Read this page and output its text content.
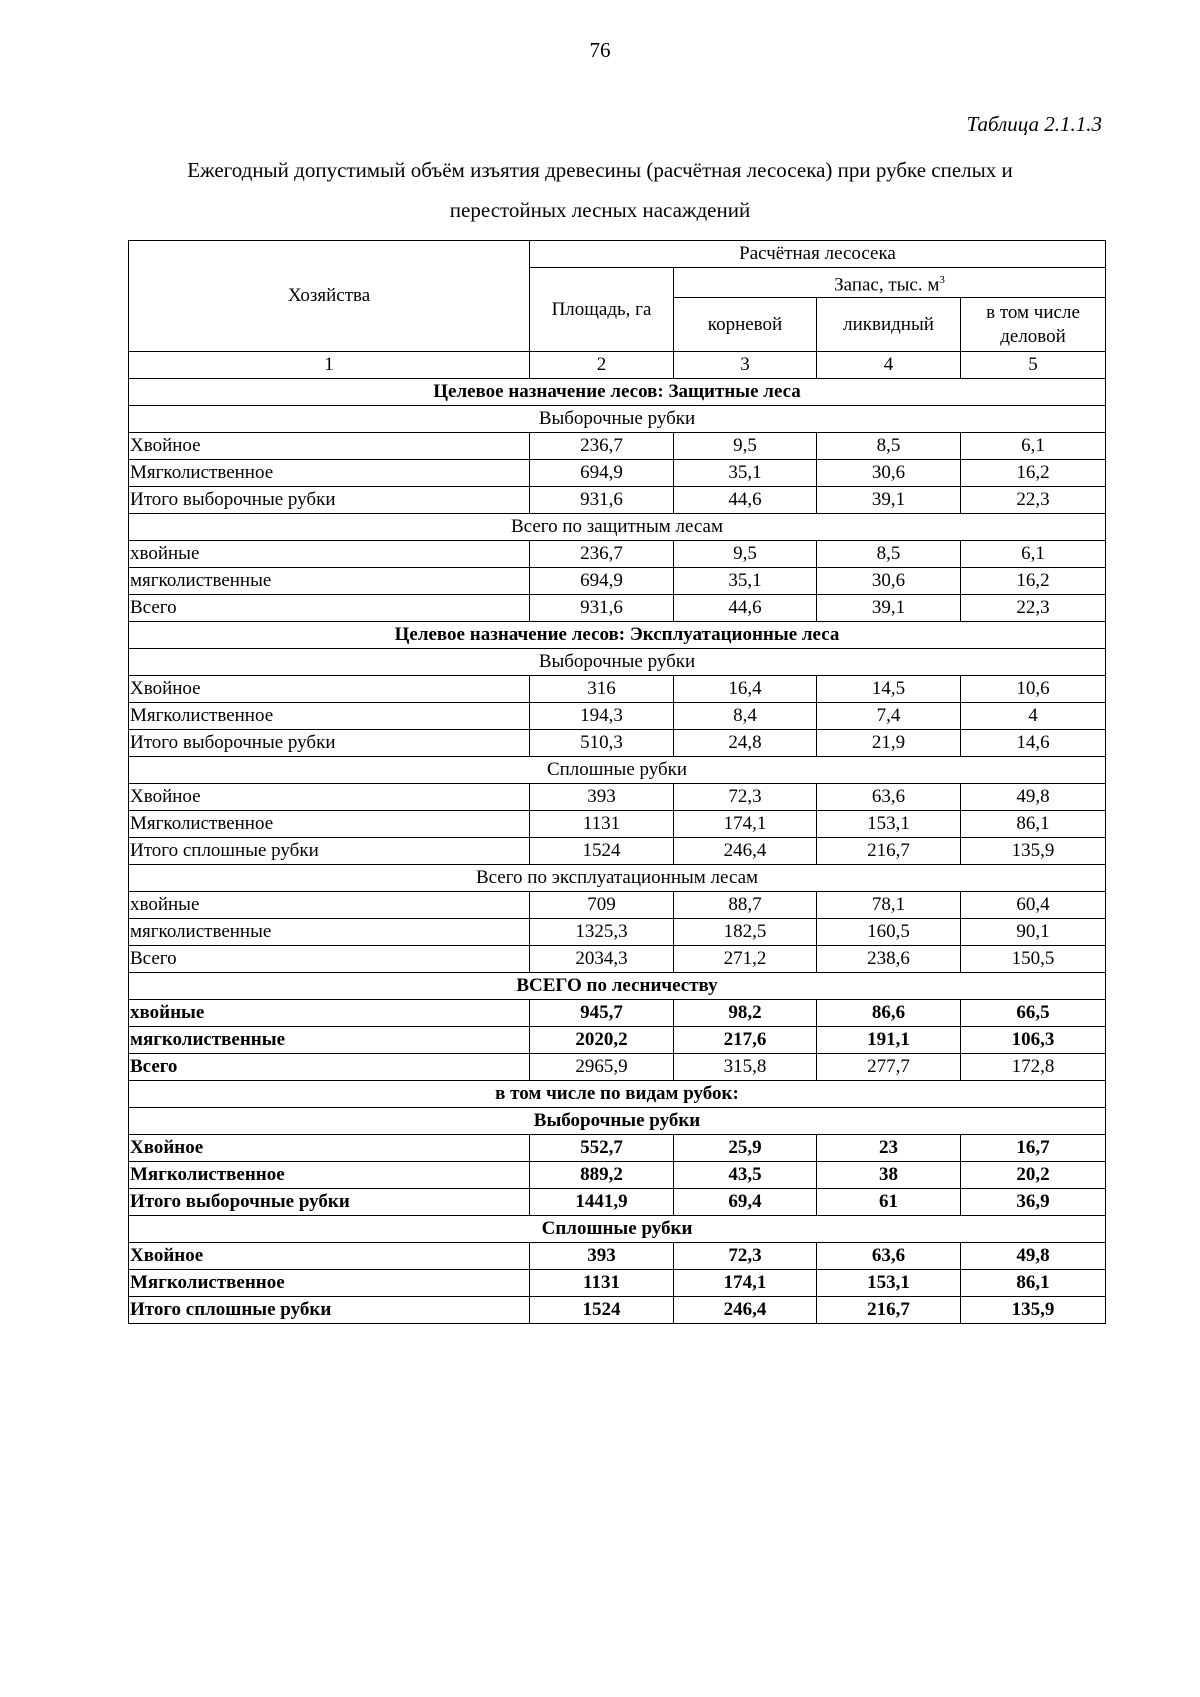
76
Таблица 2.1.1.3
Ежегодный допустимый объём изъятия древесины (расчётная лесосека) при рубке спелых и
перестойных лесных насаждений
Хозяйства	Расчётная лесосека			
	Площадь, га	Запас, тыс. $м^3$
		корневой	ликвидный	в том числе
деловой

1	2	3	4	5
Целевое назначение лесов: Защитные леса				
Выборочные рубки				
Хвойное	236,7	9,5	8,5	6,1
Мягколиственное	694,9	35,1	30,6	16,2
Итого выборочные рубки	931,6	44,6	39,1	22,3
Всего по защитным лесам				
хвойные	236,7	9,5	8,5	6,1
мягколиственные	694,9	35,1	30,6	16,2
Всего	931,6	44,6	39,1	22,3
Целевое назначение лесов: Эксплуатационные леса				
Выборочные рубки				
Хвойное	316	16,4	14,5	10,6
Мягколиственное	194,3	8,4	7,4	4
Итого выборочные рубки	510,3	24,8	21,9	14,6
Сплошные рубки				
Хвойное	393	72,3	63,6	49,8
Мягколиственное	1131	174,1	153,1	86,1
Итого сплошные рубки	1524	246,4	216,7	135,9
Всего по эксплуатационным лесам				
хвойные	709	88,7	78,1	60,4
мягколиственные	1325,3	182,5	160,5	90,1
Всего	2034,3	271,2	238,6	150,5
ВСЕГО по лесничеству				
хвойные	945,7	98,2	86,6	66,5
мягколиственные	2020,2	217,6	191,1	106,3
Всего	2965,9	315,8	277,7	172,8
в том числе по видам рубок:				
Выборочные рубки				
Хвойное	552,7	25,9	23	16,7
Мягколиственное	889,2	43,5	38	20,2
Итого выборочные рубки	1441,9	69,4	61	36,9
Сплошные рубки				
Хвойное	393	72,3	63,6	49,8
Мягколиственное	1131	174,1	153,1	86,1
Итого сплошные рубки	1524	246,4	216,7	135,9
